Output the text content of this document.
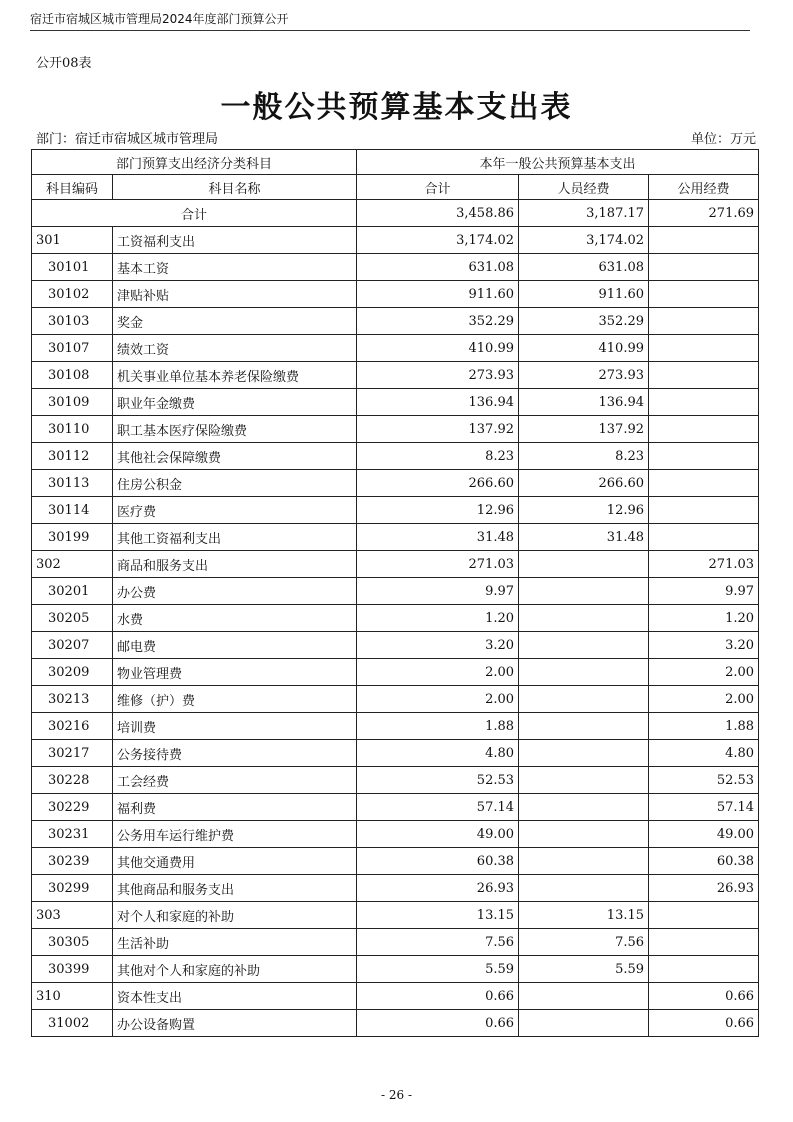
宿迁市宿城区城市管理局2024年度部门预算公开
公开08表
一般公共预算基本支出表
部门：宿迁市宿城区城市管理局	单位：万元
部门预算支出经济分类科目		本年一般公共预算基本支出		
科目编码	科目名称	合计	人员经费	公用经费
合计		3,458.86	3,187.17	271.69
301	工资福利支出	3,174.02	3,174.02	
30101	基本工资	631.08	631.08	
30102	津贴补贴	911.60	911.60	
30103	奖金	352.29	352.29	
30107	绩效工资	410.99	410.99	
30108	机关事业单位基本养老保险缴费	273.93	273.93	
30109	职业年金缴费	136.94	136.94	
30110	职工基本医疗保险缴费	137.92	137.92	
30112	其他社会保障缴费	8.23	8.23	
30113	住房公积金	266.60	266.60	
30114	医疗费	12.96	12.96	
30199	其他工资福利支出	31.48	31.48	
302	商品和服务支出	271.03		271.03
30201	办公费	9.97		9.97
30205	水费	1.20		1.20
30207	邮电费	3.20		3.20
30209	物业管理费	2.00		2.00
30213	维修（护）费	2.00		2.00
30216	培训费	1.88		1.88
30217	公务接待费	4.80		4.80
30228	工会经费	52.53		52.53
30229	福利费	57.14		57.14
30231	公务用车运行维护费	49.00		49.00
30239	其他交通费用	60.38		60.38
30299	其他商品和服务支出	26.93		26.93
303	对个人和家庭的补助	13.15	13.15	
30305	生活补助	7.56	7.56	
30399	其他对个人和家庭的补助	5.59	5.59	
310	资本性支出	0.66		0.66
31002	办公设备购置	0.66		0.66
- 26 -
